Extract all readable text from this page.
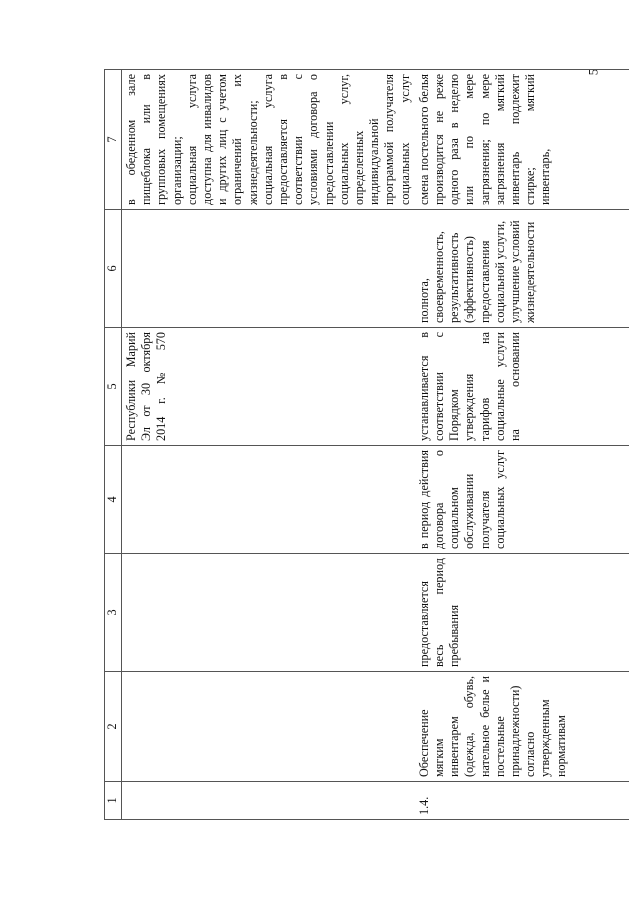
5
1	2	3	4	5	6	7
				Республики Марий Эл от 30 октября 2014 г. № 570		в обеденном зале пищеблока или в групповых помещениях организации; социальная услуга доступна для инвалидов и других лиц с учетом ограничений их жизнедеятельности; социальная услуга предоставляется в соответствии с условиями договора о предоставлении социальных услуг, определенных индивидуальной программой получателя социальных услуг
1.4.	Обеспечение мягким инвентарем (одежда, обувь, нательное белье и постельные принадлежности) согласно утвержденным нормативам	предоставляется весь период пребывания	в период действия договора о социальном обслуживании получателя социальных услуг	устанавливается в соответствии с Порядком утверждения тарифов на социальные услуги на основании	полнота, своевременность, результативность (эффективность) предоставления социальной услуги, улучшение условий жизнедеятельности	смена постельного белья производится не реже одного раза в неделю или по мере загрязнения; по мере загрязнения мягкий инвентарь подлежит стирке; мягкий инвентарь,
